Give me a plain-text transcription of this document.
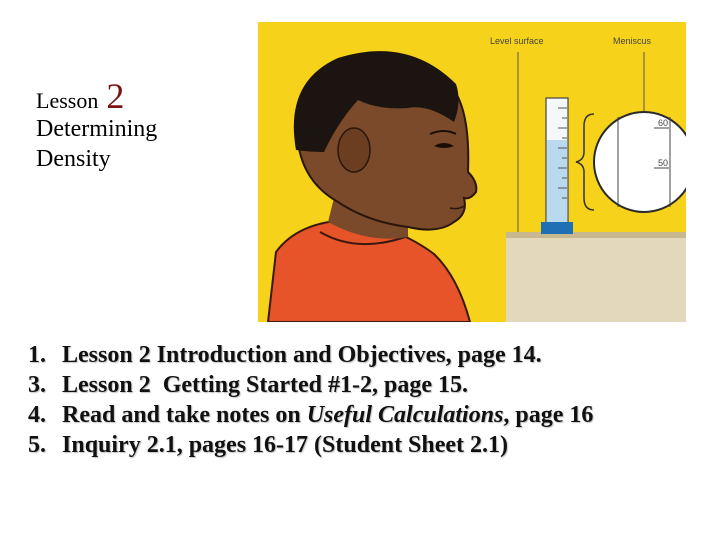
Lesson 2
Determining
Density
Level surface	Meniscus
60
50
1. Lesson 2 Introduction and Objectives, page 14.
3. Lesson 2  Getting Started #1-2, page 15.
4. Read and take notes on Useful Calculations, page 16
5. Inquiry 2.1, pages 16-17 (Student Sheet 2.1)
